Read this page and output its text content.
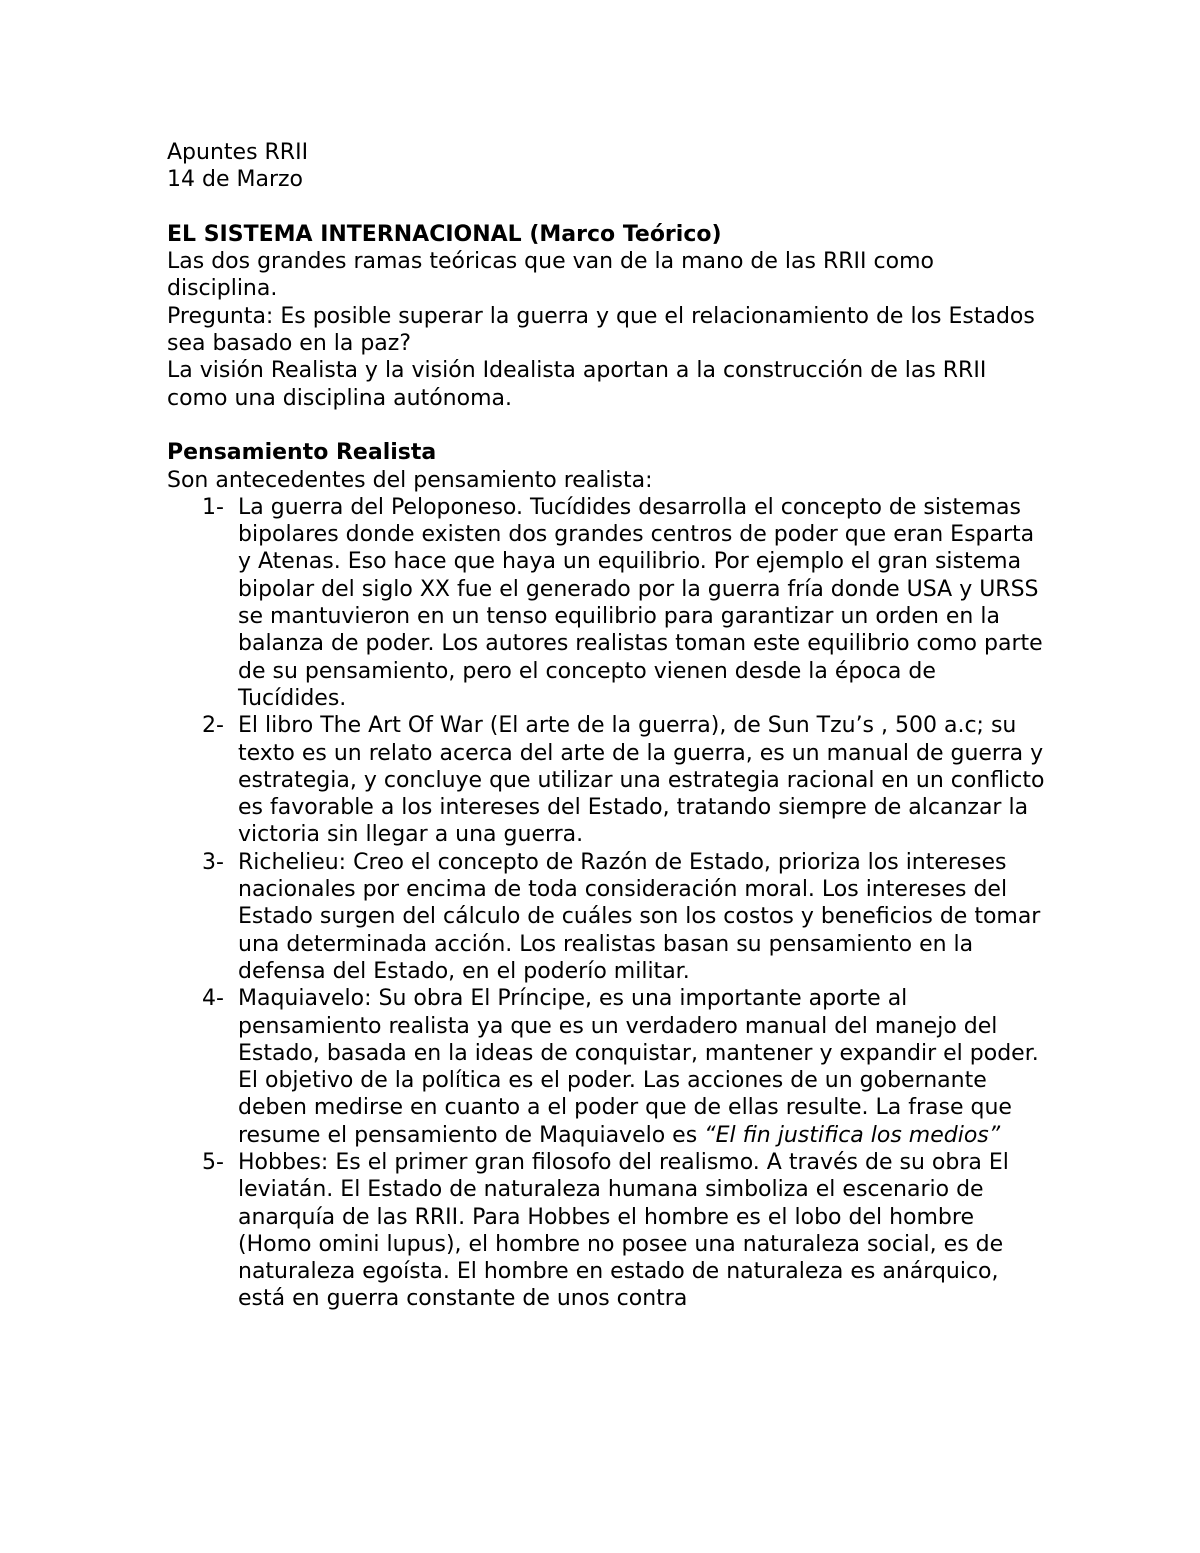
Apuntes RRII

14 de Marzo

EL SISTEMA INTERNACIONAL (Marco Teórico)

Las dos grandes ramas teóricas que van de la mano de las RRII como disciplina.

Pregunta: Es posible superar la guerra y que el relacionamiento de los Estados sea basado en la paz?

La visión Realista y la visión Idealista aportan a la construcción de las RRII como una disciplina autónoma.

Pensamiento Realista

Son antecedentes del pensamiento realista:

1- La guerra del Peloponeso. Tucídides desarrolla el concepto de sistemas bipolares donde existen dos grandes centros de poder que eran Esparta y Atenas. Eso hace que haya un equilibrio. Por ejemplo el gran sistema bipolar del siglo XX fue el generado por la guerra fría donde USA y URSS se mantuvieron en un tenso equilibrio para garantizar un orden en la balanza de poder. Los autores realistas toman este equilibrio como parte de su pensamiento, pero el concepto vienen desde la época de Tucídides.
2- El libro The Art Of War (El arte de la guerra), de Sun Tzu’s , 500 a.c; su texto es un relato acerca del arte de la guerra, es un manual de guerra y estrategia, y concluye que utilizar una estrategia racional en un conflicto es favorable a los intereses del Estado, tratando siempre de alcanzar la victoria sin llegar a una guerra.
3- Richelieu: Creo el concepto de Razón de Estado, prioriza los intereses nacionales por encima de toda consideración moral. Los intereses del Estado surgen del cálculo de cuáles son los costos y beneficios de tomar una determinada acción. Los realistas basan su pensamiento en la defensa del Estado, en el poderío militar.
4- Maquiavelo: Su obra El Príncipe, es una importante aporte al pensamiento realista ya que es un verdadero manual del manejo del Estado, basada en la ideas de conquistar, mantener y expandir el poder. El objetivo de la política es el poder. Las acciones de un gobernante deben medirse en cuanto a el poder que de ellas resulte. La frase que resume el pensamiento de Maquiavelo es “El fin justifica los medios”
5- Hobbes: Es el primer gran filosofo del realismo. A través de su obra El leviatán. El Estado de naturaleza humana simboliza el escenario de anarquía de las RRII. Para Hobbes el hombre es el lobo del hombre (Homo omini lupus), el hombre no posee una naturaleza social, es de naturaleza egoísta. El hombre en estado de naturaleza es anárquico, está en guerra constante de unos contra
